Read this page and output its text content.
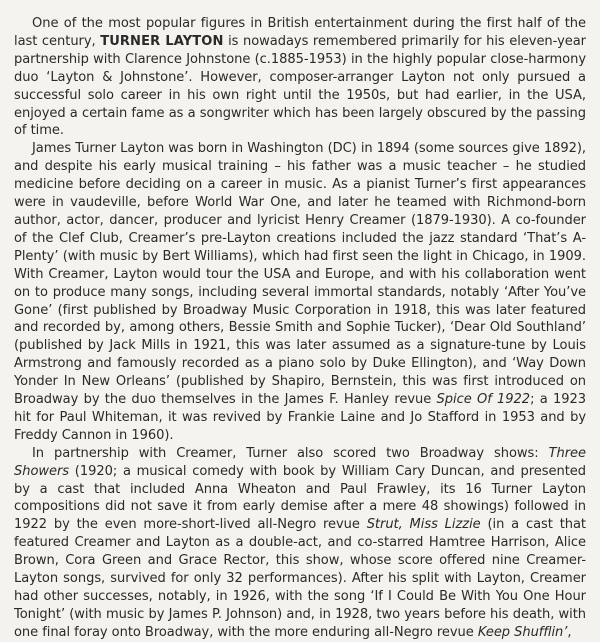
One of the most popular figures in British entertainment during the first half of the last century, TURNER LAYTON is nowadays remembered primarily for his eleven-year partnership with Clarence Johnstone (c.1885-1953) in the highly popular close-harmony duo ‘Layton & Johnstone’. However, composer-arranger Layton not only pursued a successful solo career in his own right until the 1950s, but had earlier, in the USA, enjoyed a certain fame as a songwriter which has been largely obscured by the passing of time.

James Turner Layton was born in Washington (DC) in 1894 (some sources give 1892), and despite his early musical training – his father was a music teacher – he studied medicine before deciding on a career in music. As a pianist Turner’s first appearances were in vaudeville, before World War One, and later he teamed with Richmond-born author, actor, dancer, producer and lyricist Henry Creamer (1879-1930). A co-founder of the Clef Club, Creamer’s pre-Layton creations included the jazz standard ‘That’s A-Plenty’ (with music by Bert Williams), which had first seen the light in Chicago, in 1909. With Creamer, Layton would tour the USA and Europe, and with his collaboration went on to produce many songs, including several immortal standards, notably ‘After You’ve Gone’ (first published by Broadway Music Corporation in 1918, this was later featured and recorded by, among others, Bessie Smith and Sophie Tucker), ‘Dear Old Southland’ (published by Jack Mills in 1921, this was later assumed as a signature-tune by Louis Armstrong and famously recorded as a piano solo by Duke Ellington), and ‘Way Down Yonder In New Orleans’ (published by Shapiro, Bernstein, this was first introduced on Broadway by the duo themselves in the James F. Hanley revue Spice Of 1922; a 1923 hit for Paul Whiteman, it was revived by Frankie Laine and Jo Stafford in 1953 and by Freddy Cannon in 1960).

In partnership with Creamer, Turner also scored two Broadway shows: Three Showers (1920; a musical comedy with book by William Cary Duncan, and presented by a cast that included Anna Wheaton and Paul Frawley, its 16 Turner Layton compositions did not save it from early demise after a mere 48 showings) followed in 1922 by the even more-short-lived all-Negro revue Strut, Miss Lizzie (in a cast that featured Creamer and Layton as a double-act, and co-starred Hamtree Harrison, Alice Brown, Cora Green and Grace Rector, this show, whose score offered nine Creamer-Layton songs, survived for only 32 performances). After his split with Layton, Creamer had other successes, notably, in 1926, with the song ‘If I Could Be With You One Hour Tonight’ (with music by James P. Johnson) and, in 1928, two years before his death, with one final foray onto Broadway, with the more enduring all-Negro revue Keep Shufflin’,
